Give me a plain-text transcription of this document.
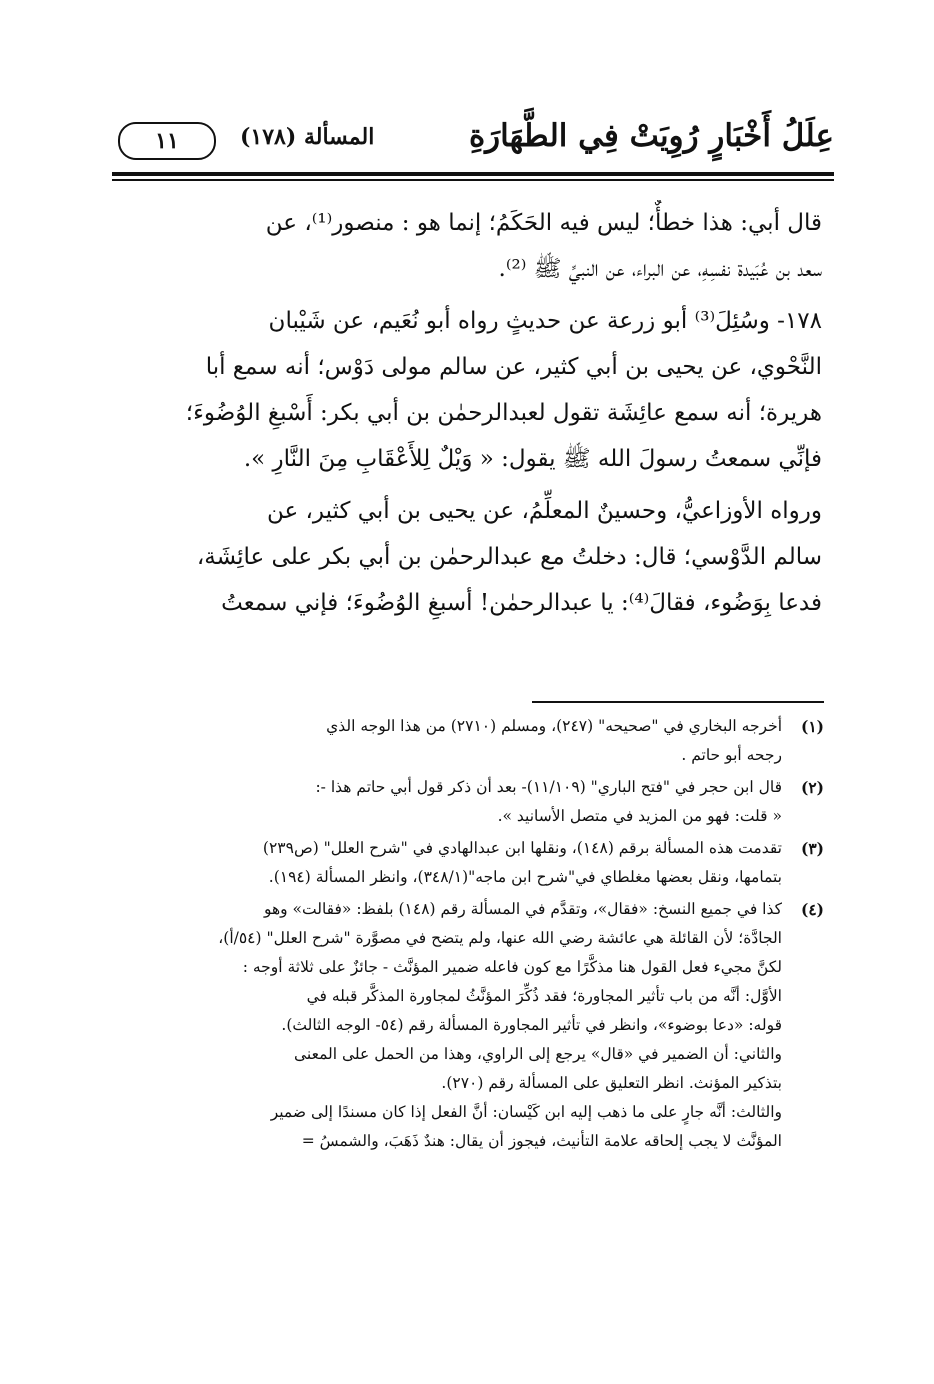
عِلَلُ أَخْبَارٍ رُوِيَتْ فِي الطَّهَارَةِ
المسألة (١٧٨)
١١

قال أبي: هذا خطأٌ؛ ليس فيه الحَكَمُ؛ إنما هو : منصور⁽¹⁾، عن
سعد بن عُبَيدة نفسِهِ، عن البراء، عن النبيِّ ﷺ ⁽²⁾.

١٧٨- وسُئِلَ⁽³⁾ أبو زرعة عن حديثٍ رواه أبو نُعَيم، عن شَيْبان
النَّحْوي، عن يحيى بن أبي كثير، عن سالم مولى دَوْس؛ أنه سمع أبا
هريرة؛ أنه سمع عائِشَة تقول لعبدالرحمٰن بن أبي بكر: أَسْبغِ الوُضُوءَ؛
فإنِّي سمعتُ رسولَ الله ﷺ يقول: « وَيْلٌ لِلأَعْقَابِ مِنَ النَّارِ ».

ورواه الأوزاعيُّ، وحسينٌ المعلِّمُ، عن يحيى بن أبي كثير، عن
سالم الدَّوْسي؛ قال: دخلتُ مع عبدالرحمٰن بن أبي بكر على عائِشَة،
فدعا بِوَضُوء، فقالَ⁽⁴⁾: يا عبدالرحمٰن! أسبغِ الوُضُوءَ؛ فإني سمعتُ

(١)
أخرجه البخاري في "صحيحه" (٢٤٧)، ومسلم (٢٧١٠) من هذا الوجه الذي
رجحه أبو حاتم .
(٢)
قال ابن حجر في "فتح الباري" (١١/١٠٩)- بعد أن ذكر قول أبي حاتم هذا -:
« قلت: فهو من المزيد في متصل الأسانيد ».
(٣)
تقدمت هذه المسألة برقم (١٤٨)، ونقلها ابن عبدالهادي في "شرح العلل" (ص٢٣٩)
بتمامها، ونقل بعضها مغلطاي في"شرح ابن ماجه"(٣٤٨/١)، وانظر المسألة (١٩٤).
(٤)
كذا في جميع النسخ: «فقال»، وتقدَّم في المسألة رقم (١٤٨) بلفظ: «فقالت» وهو
الجادَّة؛ لأن القائلة هي عائشة رضي الله عنها، ولم يتضح في مصوَّرة "شرح العلل" (٥٤/أ)،
لكنَّ مجيء فعل القول هنا مذكَّرًا مع كون فاعله ضمير المؤنَّث - جائزٌ على ثلاثة أوجه :
الأوَّل: أنَّه من باب تأثير المجاورة؛ فقد ذُكِّرَ المؤنَّثُ لمجاورة المذكَّر قبله في
قوله: «دعا بوضوء»، وانظر في تأثير المجاورة المسألة رقم (٥٤- الوجه الثالث).
والثاني: أن الضمير في «قال» يرجع إلى الراوي، وهذا من الحمل على المعنى
بتذكير المؤنث. انظر التعليق على المسألة رقم (٢٧٠).
والثالث: أنَّه جارٍ على ما ذهب إليه ابن كَيْسان: أنَّ الفعل إذا كان مسندًا إلى ضمير
المؤنَّث لا يجب إلحاقه علامة التأنيث، فيجوز أن يقال: هندٌ ذَهَبَ، والشمسُ =
